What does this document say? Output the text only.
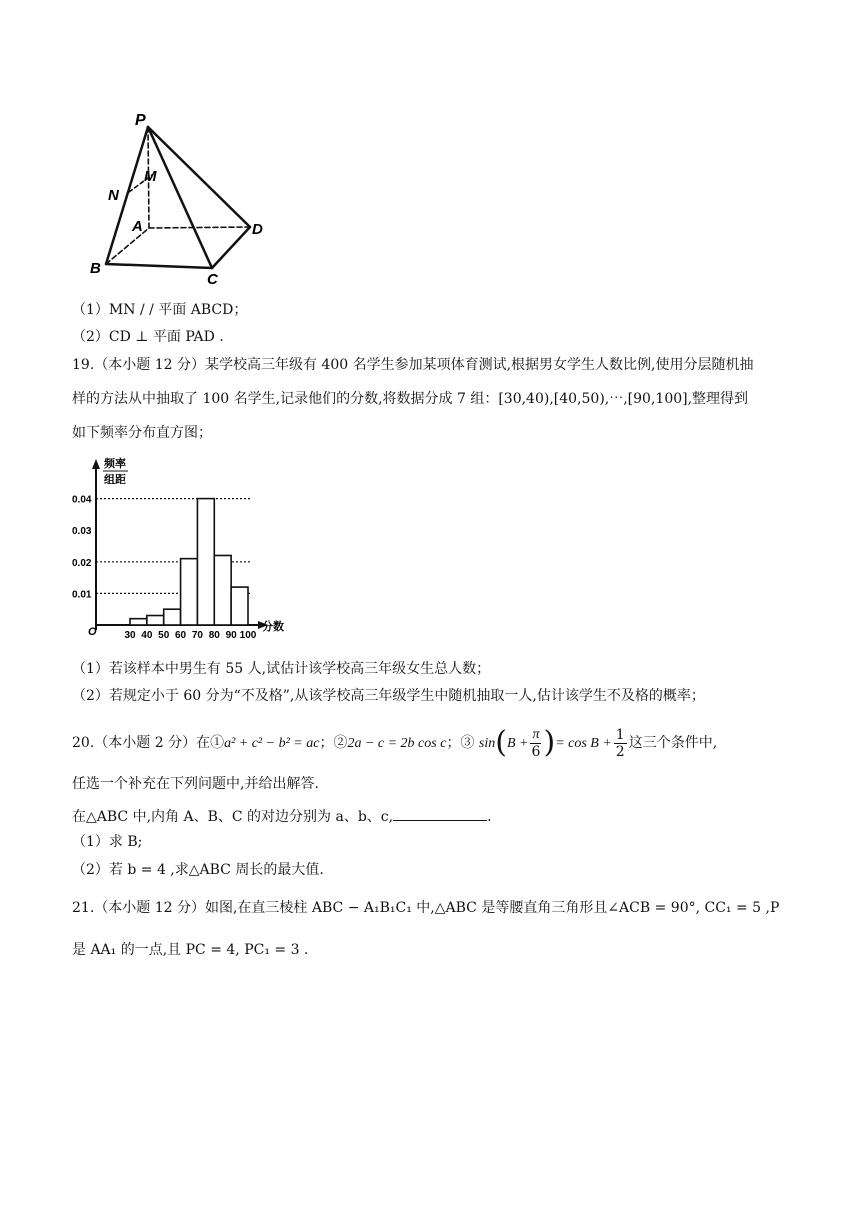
P
M
N
A
B
C
D
（1）MN / / 平面 ABCD；
（2）CD ⊥ 平面 PAD .
19.（本小题 12 分）某学校高三年级有 400 名学生参加某项体育测试,根据男女学生人数比例,使用分层随机抽
样的方法从中抽取了 100 名学生,记录他们的分数,将数据分成 7 组：[30,40),[40,50),⋯,[90,100],整理得到
如下频率分布直方图；
频率
组距
分数
O
0.01
0.02
0.03
0.04
30 40 50 60 70 80 90 100
（1）若该样本中男生有 55 人,试估计该学校高三年级女生总人数；
（2）若规定小于 60 分为“不及格”,从该学校高三年级学生中随机抽取一人,估计该学生不及格的概率；
20.（本小题 2 分）在①a² + c² − b² = ac；②2a − c = 2b cos c；③ $\sin(B + \frac{\pi}{6}$ )= $\cos B + \frac{1}{2}$ 这三个条件中,
任选一个补充在下列问题中,并给出解答.
在△ABC 中,内角 A、B、C 的对边分别为 a、b、c,	.
（1）求 B;
（2）若 b = 4 ,求△ABC 周长的最大值.
21.（本小题 12 分）如图,在直三棱柱 ABC − A₁B₁C₁ 中,△ABC 是等腰直角三角形且∠ACB = 90°, CC₁ = 5 ,P
是 AA₁ 的一点,且 PC = 4, PC₁ = 3 .
